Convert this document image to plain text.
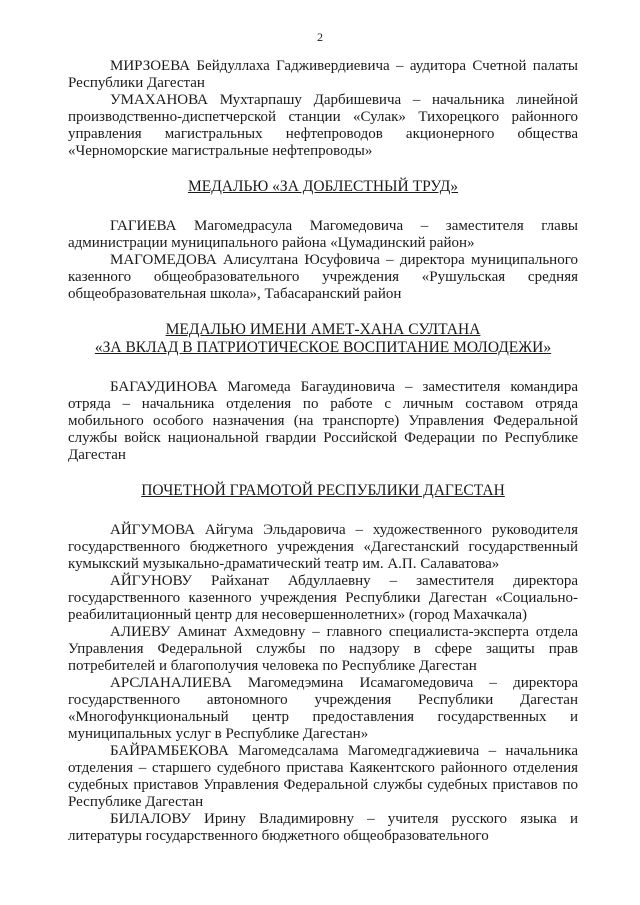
2

МИРЗОЕВА Бейдуллаха Гадживердиевича – аудитора Счетной палаты Республики Дагестан

УМАХАНОВА Мухтарпашу Дарбишевича – начальника линейной производственно-диспетчерской станции «Сулак» Тихорецкого районного управления магистральных нефтепроводов акционерного общества «Черноморские магистральные нефтепроводы»

МЕДАЛЬЮ «ЗА ДОБЛЕСТНЫЙ ТРУД»

ГАГИЕВА Магомедрасула Магомедовича – заместителя главы администрации муниципального района «Цумадинский район»

МАГОМЕДОВА Алисултана Юсуфовича – директора муниципального казенного общеобразовательного учреждения «Рушульская средняя общеобразовательная школа», Табасаранский район

МЕДАЛЬЮ ИМЕНИ АМЕТ-ХАНА СУЛТАНА
«ЗА ВКЛАД В ПАТРИОТИЧЕСКОЕ ВОСПИТАНИЕ МОЛОДЕЖИ»

БАГАУДИНОВА Магомеда Багаудиновича – заместителя командира отряда – начальника отделения по работе с личным составом отряда мобильного особого назначения (на транспорте) Управления Федеральной службы войск национальной гвардии Российской Федерации по Республике Дагестан

ПОЧЕТНОЙ ГРАМОТОЙ РЕСПУБЛИКИ ДАГЕСТАН

АЙГУМОВА Айгума Эльдаровича – художественного руководителя государственного бюджетного учреждения «Дагестанский государственный кумыкский музыкально-драматический театр им. А.П. Салаватова»

АЙГУНОВУ Райханат Абдуллаевну – заместителя директора государственного казенного учреждения Республики Дагестан «Социально-реабилитационный центр для несовершеннолетних» (город Махачкала)

АЛИЕВУ Аминат Ахмедовну – главного специалиста-эксперта отдела Управления Федеральной службы по надзору в сфере защиты прав потребителей и благополучия человека по Республике Дагестан

АРСЛАНАЛИЕВА Магомедэмина Исамагомедовича – директора государственного автономного учреждения Республики Дагестан «Многофункциональный центр предоставления государственных и муниципальных услуг в Республике Дагестан»

БАЙРАМБЕКОВА Магомедсалама Магомедгаджиевича – начальника отделения – старшего судебного пристава Каякентского районного отделения судебных приставов Управления Федеральной службы судебных приставов по Республике Дагестан

БИЛАЛОВУ Ирину Владимировну – учителя русского языка и литературы государственного бюджетного общеобразовательного
